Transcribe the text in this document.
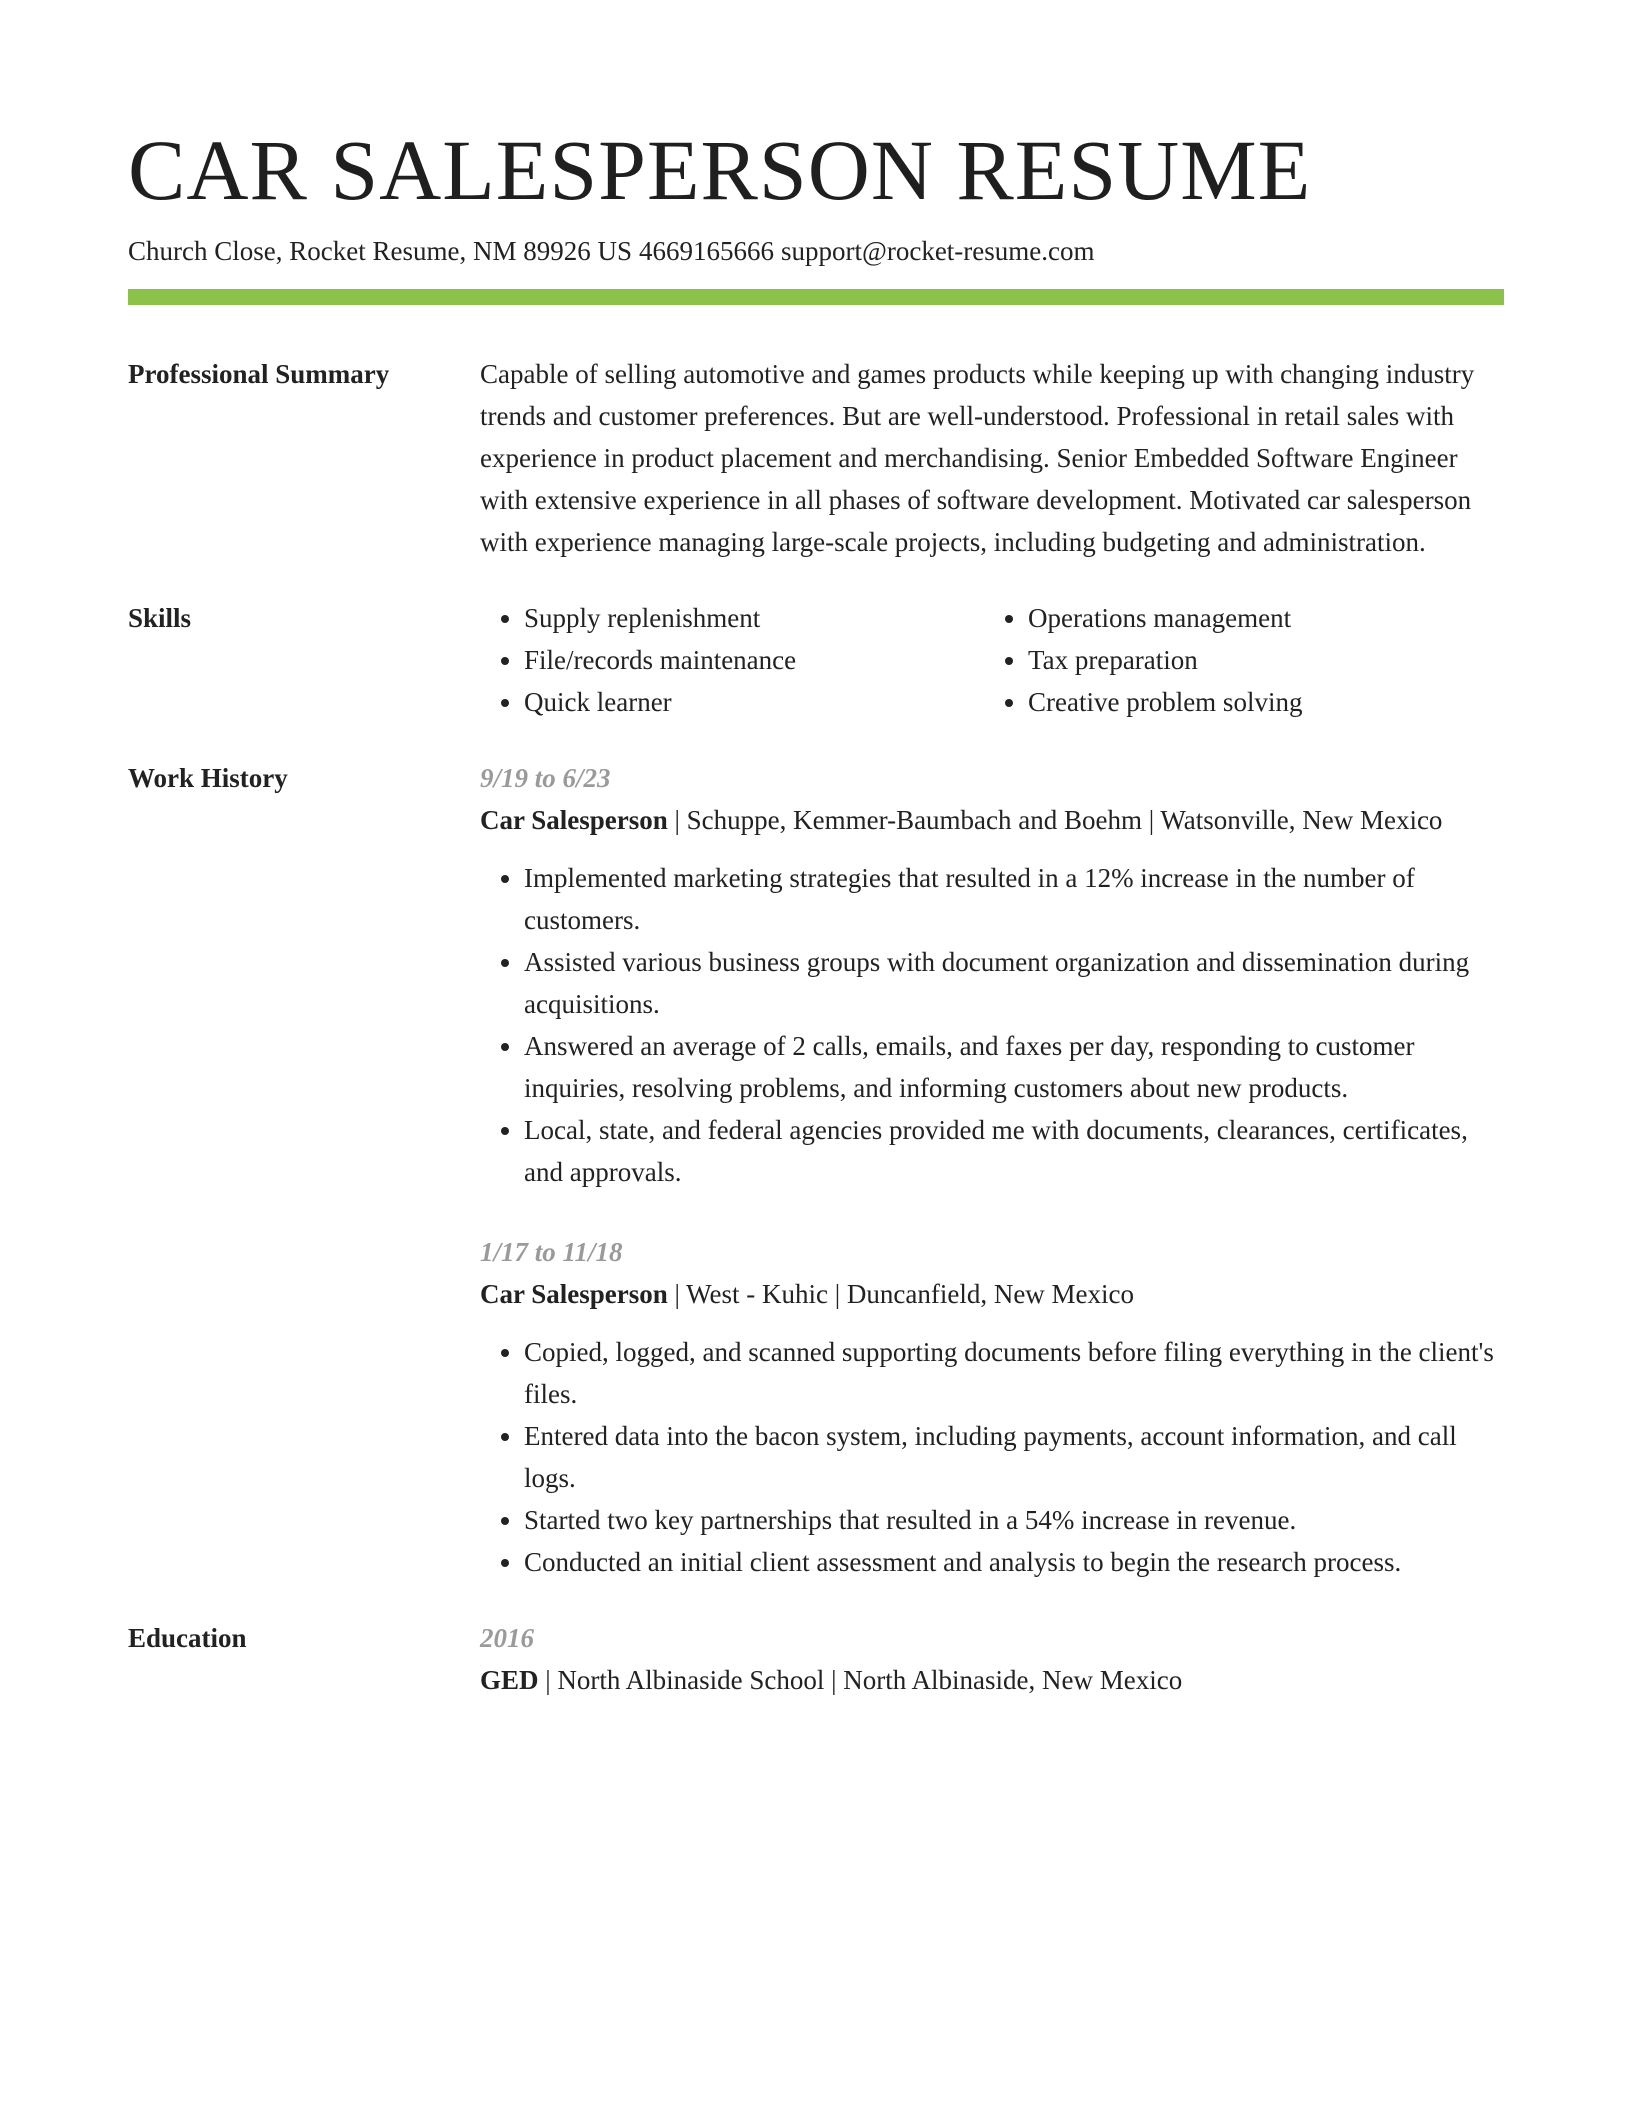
CAR SALESPERSON RESUME
Church Close, Rocket Resume, NM 89926 US 4669165666 support@rocket-resume.com
Professional Summary	Capable of selling automotive and games products while keeping up with changing industry trends and customer preferences. But are well-understood. Professional in retail sales with experience in product placement and merchandising. Senior Embedded Software Engineer with extensive experience in all phases of software development. Motivated car salesperson with experience managing large-scale projects, including budgeting and administration.

Skills
•	Supply replenishment
• File/records maintenance
• Quick learner
• Operations management
• Tax preparation
• Creative problem solving
Work History	9/19 to 6/23
Car Salesperson | Schuppe, Kemmer-Baumbach and Boehm | Watsonville, New Mexico
• Implemented marketing strategies that resulted in a 12% increase in the number of customers.
• Assisted various business groups with document organization and dissemination during acquisitions.
• Answered an average of 2 calls, emails, and faxes per day, responding to customer inquiries, resolving problems, and informing customers about new products.
• Local, state, and federal agencies provided me with documents, clearances, certificates, and approvals.
1/17 to 11/18
Car Salesperson | West - Kuhic | Duncanfield, New Mexico
• Copied, logged, and scanned supporting documents before filing everything in the client's files.
• Entered data into the bacon system, including payments, account information, and call logs.
• Started two key partnerships that resulted in a 54% increase in revenue.
• Conducted an initial client assessment and analysis to begin the research process.
Education	2016
GED | North Albinaside School | North Albinaside, New Mexico
